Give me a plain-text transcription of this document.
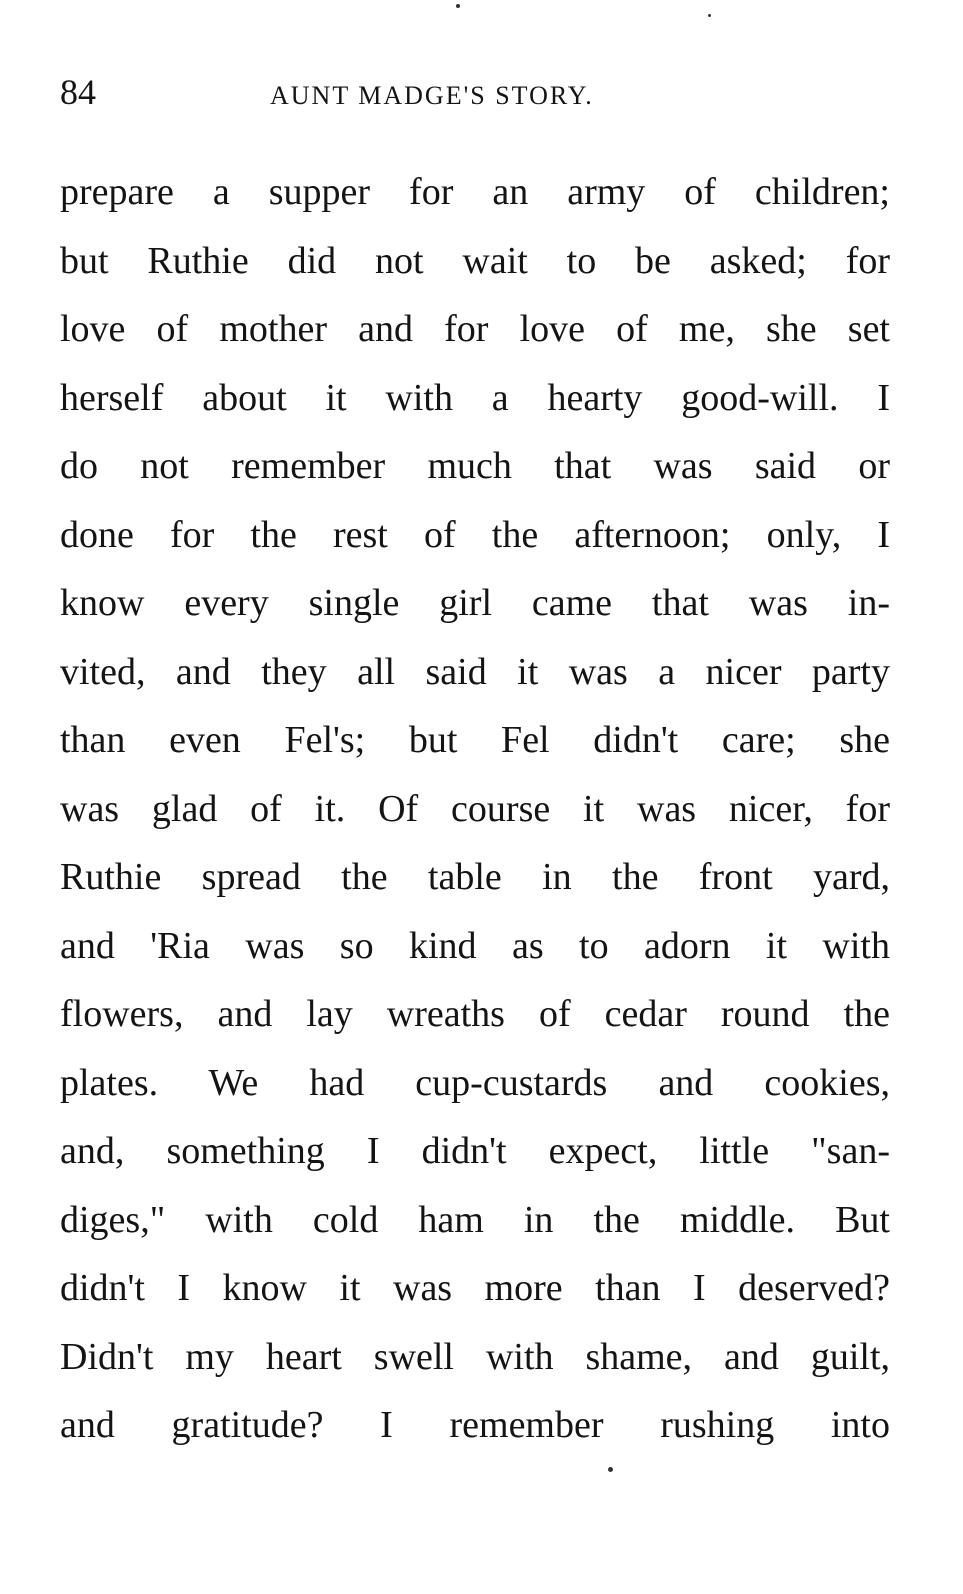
84	AUNT MADGE'S STORY.
prepare a supper for an army of children;
but Ruthie did not wait to be asked; for
love of mother and for love of me, she set
herself about it with a hearty good-will. I
do not remember much that was said or
done for the rest of the afternoon; only, I
know every single girl came that was in-
vited, and they all said it was a nicer party
than even Fel's; but Fel didn't care; she
was glad of it. Of course it was nicer, for
Ruthie spread the table in the front yard,
and 'Ria was so kind as to adorn it with
flowers, and lay wreaths of cedar round the
plates. We had cup-custards and cookies,
and, something I didn't expect, little "san-
diges," with cold ham in the middle. But
didn't I know it was more than I deserved?
Didn't my heart swell with shame, and guilt,
and gratitude? I remember rushing into
